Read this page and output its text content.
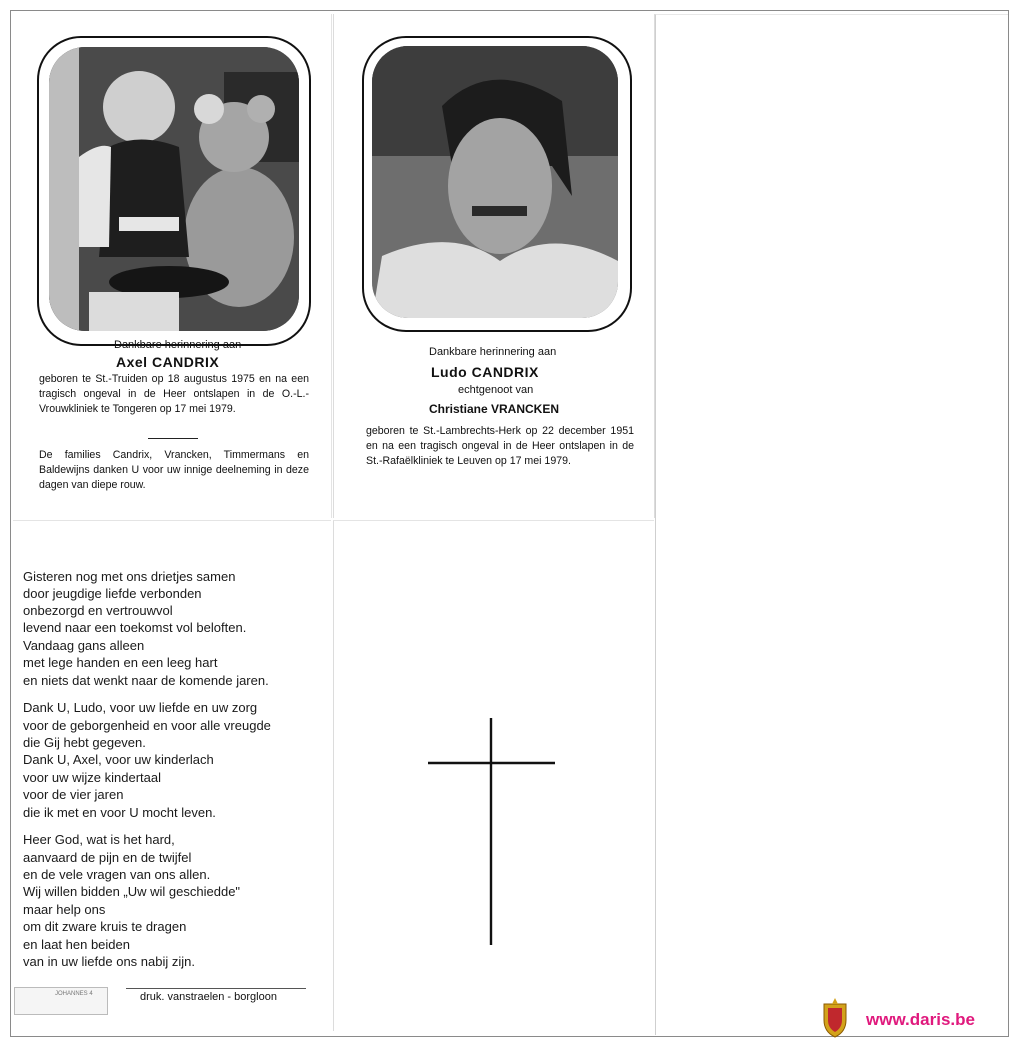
Dankbare herinnering aan

Axel CANDRIX

geboren te St.-Truiden op 18 augustus 1975 en na een tragisch ongeval in de Heer ontslapen in de O.-L.-Vrouwkliniek te Tongeren op 17 mei 1979.

De families Candrix, Vrancken, Timmermans en Baldewijns danken U voor uw innige deelneming in deze dagen van diepe rouw.

Dankbare herinnering aan

Ludo CANDRIX

echtgenoot van

Christiane VRANCKEN

geboren te St.-Lambrechts-Herk op 22 december 1951 en na een tragisch ongeval in de Heer ontslapen in de St.-Rafaëlkliniek te Leuven op 17 mei 1979.

Gisteren nog met ons drietjes samen
door jeugdige liefde verbonden
onbezorgd en vertrouwvol
levend naar een toekomst vol beloften.
Vandaag gans alleen
met lege handen en een leeg hart
en niets dat wenkt naar de komende jaren.
Dank U, Ludo, voor uw liefde en uw zorg
voor de geborgenheid en voor alle vreugde
die Gij hebt gegeven.
Dank U, Axel, voor uw kinderlach
voor uw wijze kindertaal
voor de vier jaren
die ik met en voor U mocht leven.
Heer God, wat is het hard,
aanvaard de pijn en de twijfel
en de vele vragen van ons allen.
Wij willen bidden „Uw wil geschiedde"
maar help ons
om dit zware kruis te dragen
en laat hen beiden
van in uw liefde ons nabij zijn.

druk. vanstraelen - borgloon

JOHANNES 4
www.daris.be
